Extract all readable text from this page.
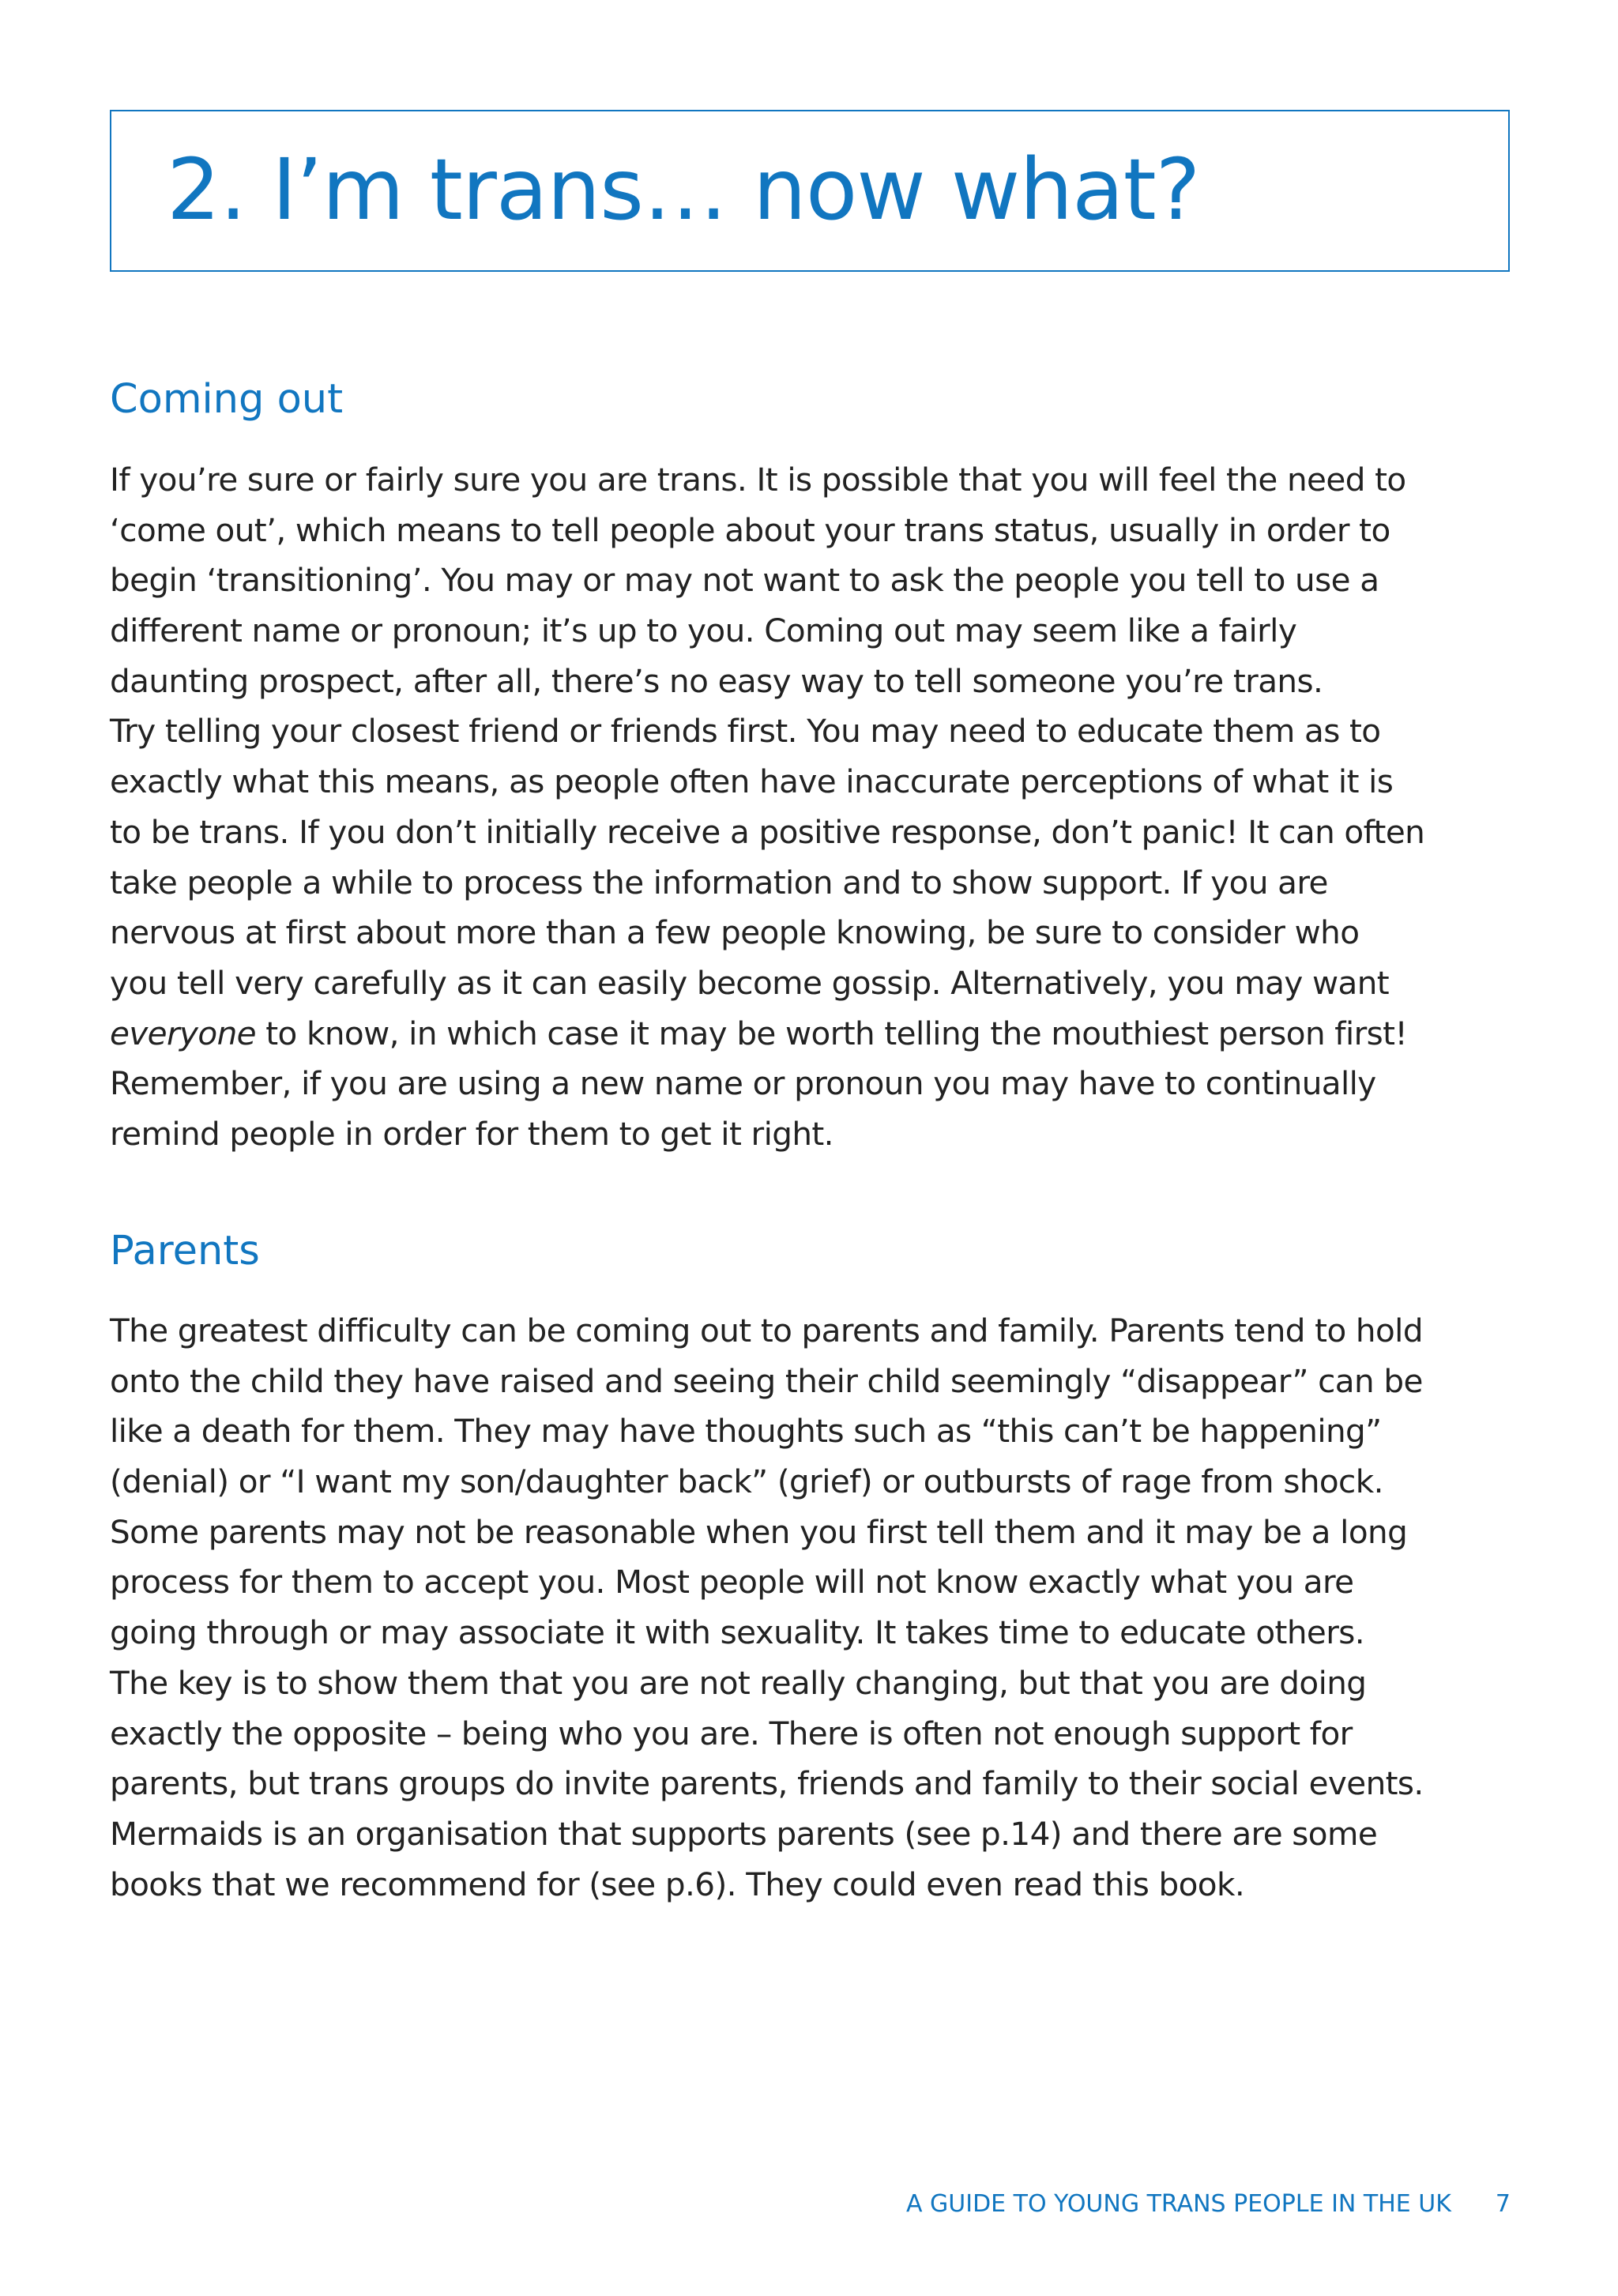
2. I’m trans… now what?
Coming out
If you’re sure or fairly sure you are trans. It is possible that you will feel the need to
‘come out’, which means to tell people about your trans status, usually in order to
begin ‘transitioning’. You may or may not want to ask the people you tell to use a
different name or pronoun; it’s up to you. Coming out may seem like a fairly
daunting prospect, after all, there’s no easy way to tell someone you’re trans.
Try telling your closest friend or friends first. You may need to educate them as to
exactly what this means, as people often have inaccurate perceptions of what it is
to be trans. If you don’t initially receive a positive response, don’t panic! It can often
take people a while to process the information and to show support. If you are
nervous at first about more than a few people knowing, be sure to consider who
you tell very carefully as it can easily become gossip. Alternatively, you may want
everyone to know, in which case it may be worth telling the mouthiest person first!
Remember, if you are using a new name or pronoun you may have to continually
remind people in order for them to get it right.
Parents
The greatest difficulty can be coming out to parents and family. Parents tend to hold
onto the child they have raised and seeing their child seemingly “disappear” can be
like a death for them. They may have thoughts such as “this can’t be happening”
(denial) or “I want my son/daughter back” (grief) or outbursts of rage from shock.
Some parents may not be reasonable when you first tell them and it may be a long
process for them to accept you. Most people will not know exactly what you are
going through or may associate it with sexuality. It takes time to educate others.
The key is to show them that you are not really changing, but that you are doing
exactly the opposite – being who you are. There is often not enough support for
parents, but trans groups do invite parents, friends and family to their social events.
Mermaids is an organisation that supports parents (see p.14) and there are some
books that we recommend for (see p.6). They could even read this book.
A GUIDE TO YOUNG TRANS PEOPLE IN THE UK 7
